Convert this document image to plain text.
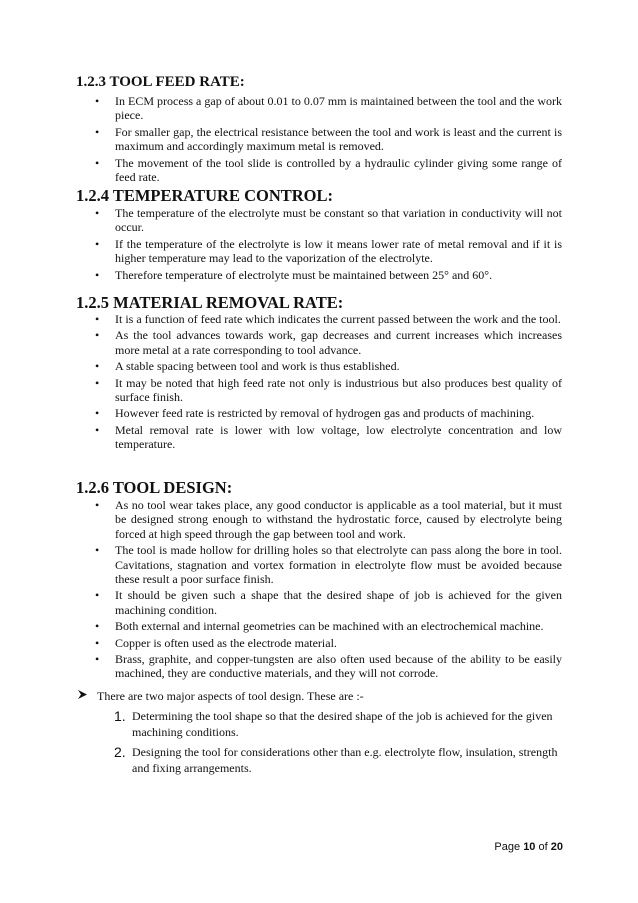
1.2.3 TOOL FEED RATE:
• In ECM process a gap of about 0.01 to 0.07 mm is maintained between the tool and the work piece.
• For smaller gap, the electrical resistance between the tool and work is least and the current is maximum and accordingly maximum metal is removed.
• The movement of the tool slide is controlled by a hydraulic cylinder giving some range of feed rate.
1.2.4 TEMPERATURE CONTROL:
• The temperature of the electrolyte must be constant so that variation in conductivity will not occur.
• If the temperature of the electrolyte is low it means lower rate of metal removal and if it is higher temperature may lead to the vaporization of the electrolyte.
• Therefore temperature of electrolyte must be maintained between 25° and 60°.
1.2.5 MATERIAL REMOVAL RATE:
• It is a function of feed rate which indicates the current passed between the work and the tool.
• As the tool advances towards work, gap decreases and current increases which increases more metal at a rate corresponding to tool advance.
• A stable spacing between tool and work is thus established.
• It may be noted that high feed rate not only is industrious but also produces best quality of surface finish.
• However feed rate is restricted by removal of hydrogen gas and products of machining.
• Metal removal rate is lower with low voltage, low electrolyte concentration and low temperature.
1.2.6 TOOL DESIGN:
• As no tool wear takes place, any good conductor is applicable as a tool material, but it must be designed strong enough to withstand the hydrostatic force, caused by electrolyte being forced at high speed through the gap between tool and work.
• The tool is made hollow for drilling holes so that electrolyte can pass along the bore in tool. Cavitations, stagnation and vortex formation in electrolyte flow must be avoided because these result a poor surface finish.
• It should be given such a shape that the desired shape of job is achieved for the given machining condition.
• Both external and internal geometries can be machined with an electrochemical machine.
• Copper is often used as the electrode material.
• Brass, graphite, and copper-tungsten are also often used because of the ability to be easily machined, they are conductive materials, and they will not corrode.
There are two major aspects of tool design. These are :-
1. Determining the tool shape so that the desired shape of the job is achieved for the given machining conditions.
2. Designing the tool for considerations other than e.g. electrolyte flow, insulation, strength and fixing arrangements.
Page 10 of 20
